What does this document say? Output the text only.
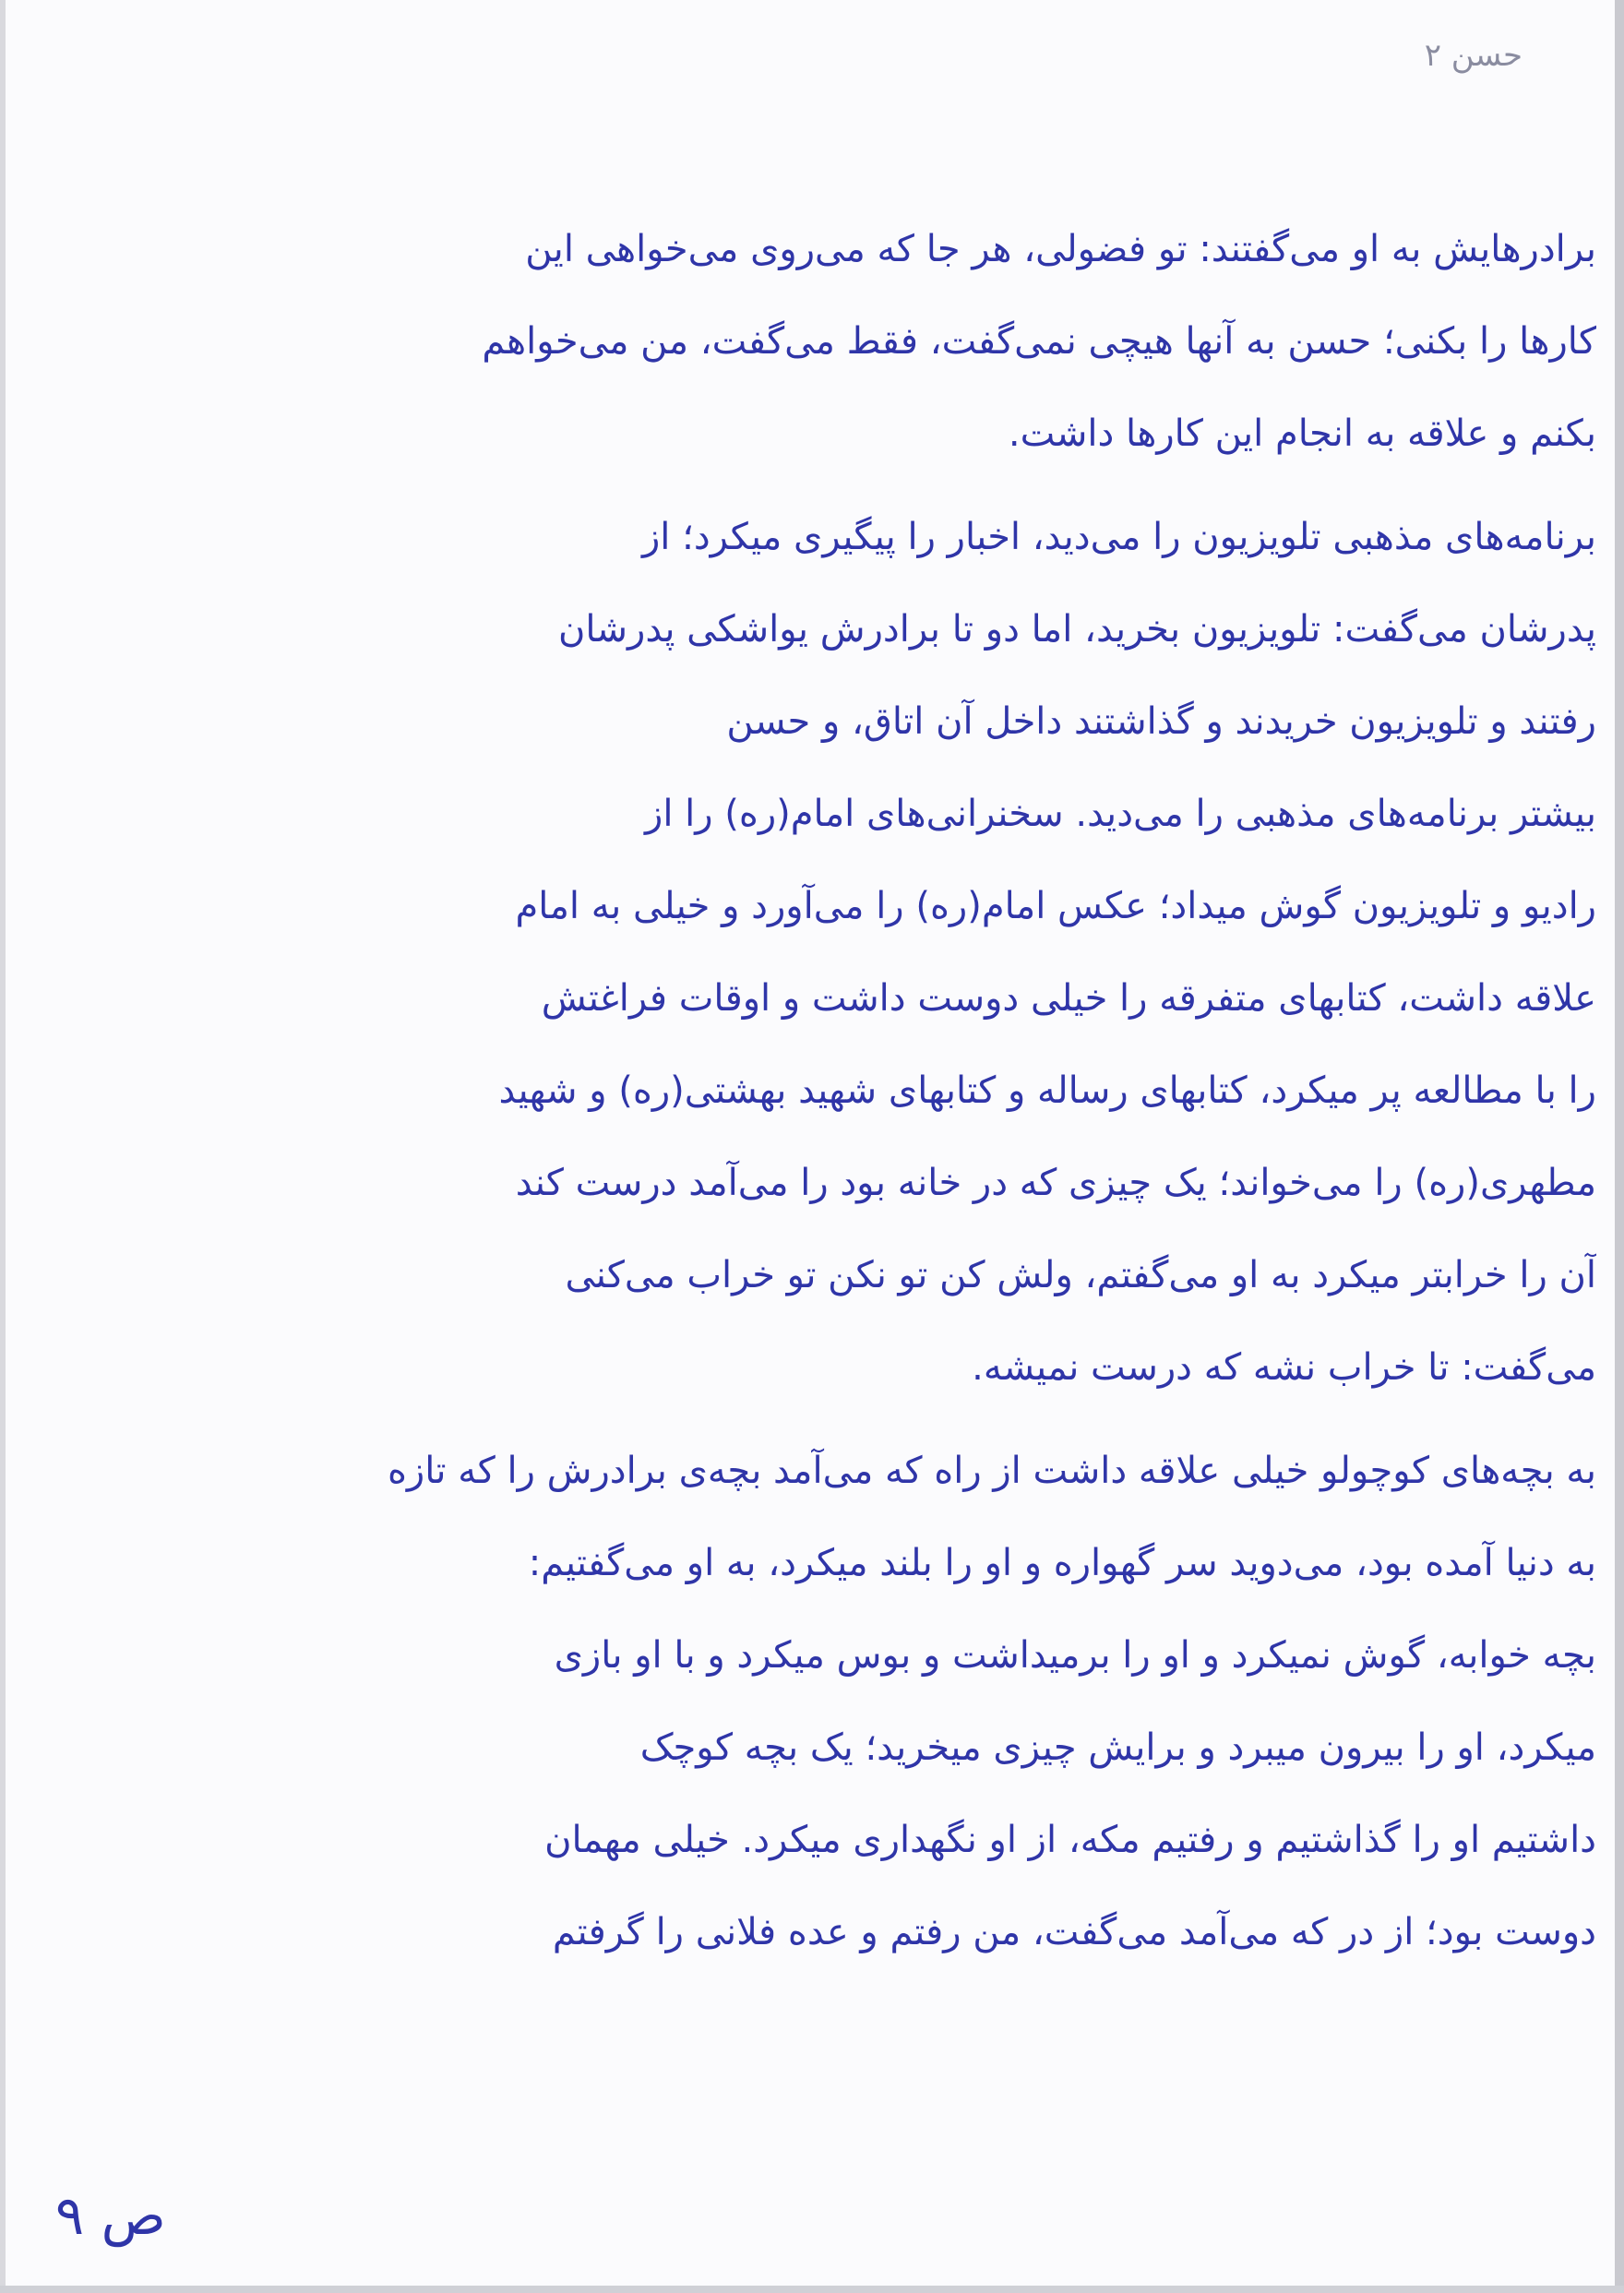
حسن ۲
برادرهایش به او می‌گفتند: تو فضولی، هر جا که می‌روی می‌خواهی این
کارها را بکنی؛ حسن به آنها هیچی نمی‌گفت، فقط می‌گفت، من می‌خواهم
بکنم و علاقه به انجام این کارها داشت.
برنامه‌های مذهبی تلویزیون را می‌دید، اخبار را پیگیری میکرد؛ از
پدرشان می‌گفت: تلویزیون بخرید، اما دو تا برادرش یواشکی پدرشان
رفتند و تلویزیون خریدند و گذاشتند داخل آن اتاق، و حسن
بیشتر برنامه‌های مذهبی را می‌دید. سخنرانی‌های امام(ره) را از
رادیو و تلویزیون گوش میداد؛ عکس امام(ره) را می‌آورد و خیلی به امام
علاقه داشت، کتابهای متفرقه را خیلی دوست داشت و اوقات فراغتش
را با مطالعه پر میکرد، کتابهای رساله و کتابهای شهید بهشتی(ره) و شهید
مطهری(ره) را می‌خواند؛ یک چیزی که در خانه بود را می‌آمد درست کند
آن را خرابتر میکرد به او می‌گفتم، ولش کن تو نکن تو خراب می‌کنی
می‌گفت: تا خراب نشه که درست نمیشه.
به بچه‌های کوچولو خیلی علاقه داشت از راه که می‌آمد بچه‌ی برادرش را که تازه
به دنیا آمده بود، می‌دوید سر گهواره و او را بلند میکرد، به او می‌گفتیم:
بچه خوابه، گوش نمیکرد و او را برمیداشت و بوس میکرد و با او بازی
میکرد، او را بیرون میبرد و برایش چیزی میخرید؛ یک بچه کوچک
داشتیم او را گذاشتیم و رفتیم مکه، از او نگهداری میکرد. خیلی مهمان
دوست بود؛ از در که می‌آمد می‌گفت، من رفتم و عده فلانی را گرفتم
ص ۹
